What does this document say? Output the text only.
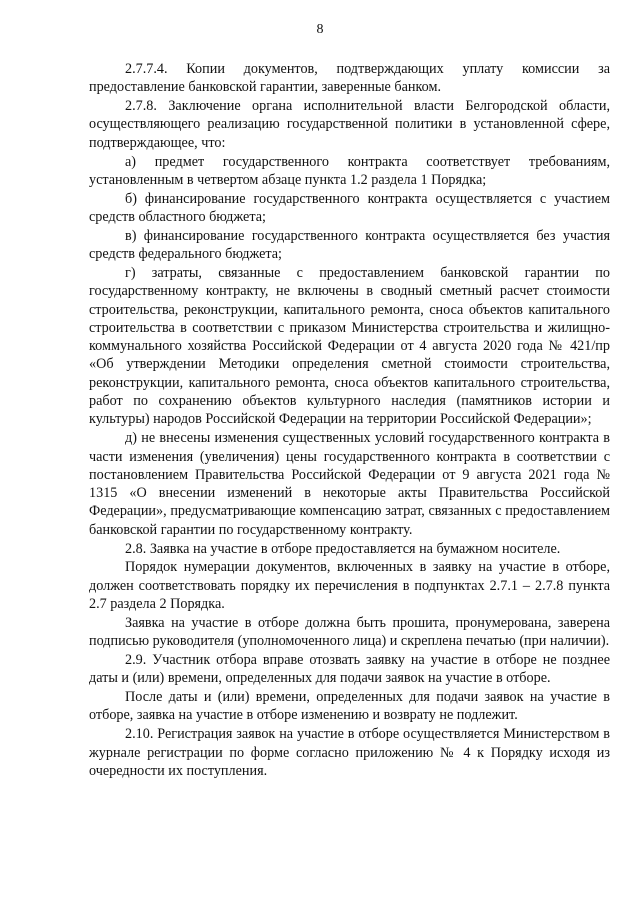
8

2.7.7.4. Копии документов, подтверждающих уплату комиссии за предоставление банковской гарантии, заверенные банком.

2.7.8. Заключение органа исполнительной власти Белгородской области, осуществляющего реализацию государственной политики в установленной сфере, подтверждающее, что:

а) предмет государственного контракта соответствует требованиям, установленным в четвертом абзаце пункта 1.2 раздела 1 Порядка;

б) финансирование государственного контракта осуществляется с участием средств областного бюджета;

в) финансирование государственного контракта осуществляется без участия средств федерального бюджета;

г) затраты, связанные с предоставлением банковской гарантии по государственному контракту, не включены в сводный сметный расчет стоимости строительства, реконструкции, капитального ремонта, сноса объектов капитального строительства в соответствии с приказом Министерства строительства и жилищно-коммунального хозяйства Российской Федерации от 4 августа 2020 года № 421/пр «Об утверждении Методики определения сметной стоимости строительства, реконструкции, капитального ремонта, сноса объектов капитального строительства, работ по сохранению объектов культурного наследия (памятников истории и культуры) народов Российской Федерации на территории Российской Федерации»;

д) не внесены изменения существенных условий государственного контракта в части изменения (увеличения) цены государственного контракта в соответствии с постановлением Правительства Российской Федерации от 9 августа 2021 года № 1315 «О внесении изменений в некоторые акты Правительства Российской Федерации», предусматривающие компенсацию затрат, связанных с предоставлением банковской гарантии по государственному контракту.

2.8. Заявка на участие в отборе предоставляется на бумажном носителе.

Порядок нумерации документов, включенных в заявку на участие в отборе, должен соответствовать порядку их перечисления в подпунктах 2.7.1 – 2.7.8 пункта 2.7 раздела 2 Порядка.

Заявка на участие в отборе должна быть прошита, пронумерована, заверена подписью руководителя (уполномоченного лица) и скреплена печатью (при наличии).

2.9. Участник отбора вправе отозвать заявку на участие в отборе не позднее даты и (или) времени, определенных для подачи заявок на участие в отборе.

После даты и (или) времени, определенных для подачи заявок на участие в отборе, заявка на участие в отборе изменению и возврату не подлежит.

2.10. Регистрация заявок на участие в отборе осуществляется Министерством в журнале регистрации по форме согласно приложению № 4 к Порядку исходя из очередности их поступления.
